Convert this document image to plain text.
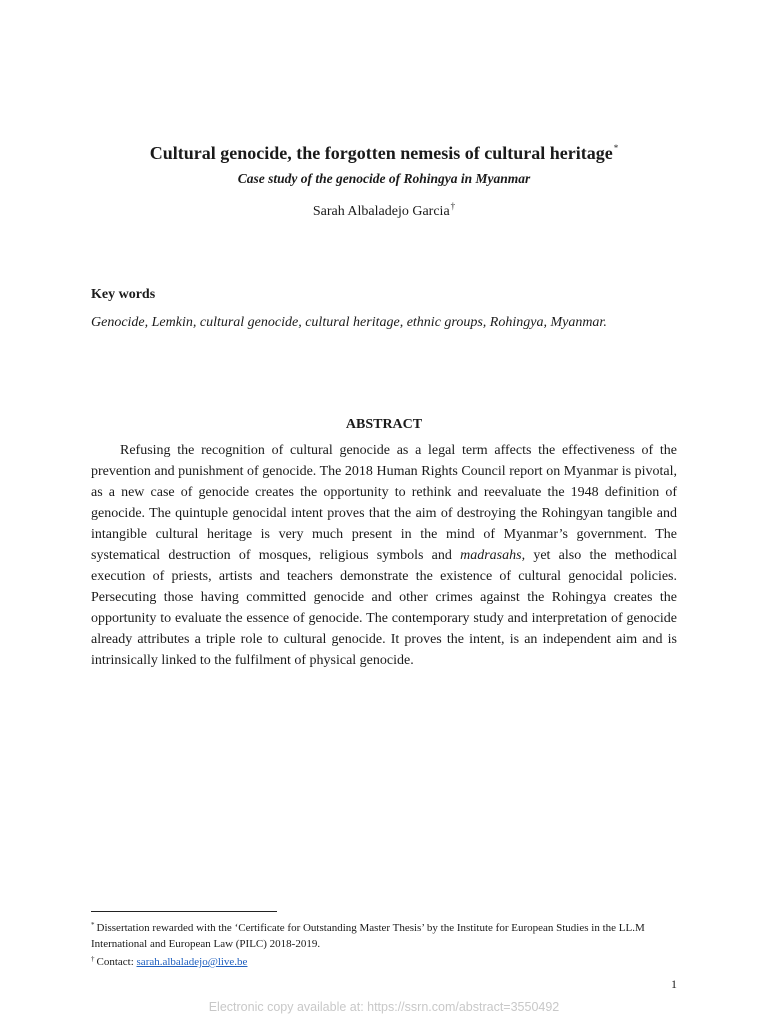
Cultural genocide, the forgotten nemesis of cultural heritage*
Case study of the genocide of Rohingya in Myanmar
Sarah Albaladejo Garcia†
Key words
Genocide, Lemkin, cultural genocide, cultural heritage, ethnic groups, Rohingya, Myanmar.
ABSTRACT

Refusing the recognition of cultural genocide as a legal term affects the effectiveness of the prevention and punishment of genocide. The 2018 Human Rights Council report on Myanmar is pivotal, as a new case of genocide creates the opportunity to rethink and reevaluate the 1948 definition of genocide. The quintuple genocidal intent proves that the aim of destroying the Rohingyan tangible and intangible cultural heritage is very much present in the mind of Myanmar’s government. The systematical destruction of mosques, religious symbols and madrasahs, yet also the methodical execution of priests, artists and teachers demonstrate the existence of cultural genocidal policies. Persecuting those having committed genocide and other crimes against the Rohingya creates the opportunity to evaluate the essence of genocide. The contemporary study and interpretation of genocide already attributes a triple role to cultural genocide. It proves the intent, is an independent aim and is intrinsically linked to the fulfilment of physical genocide.

* Dissertation rewarded with the ‘Certificate for Outstanding Master Thesis’ by the Institute for European Studies in the LL.M International and European Law (PILC) 2018-2019.

† Contact: sarah.albaladejo@live.be

1
Electronic copy available at: https://ssrn.com/abstract=3550492
